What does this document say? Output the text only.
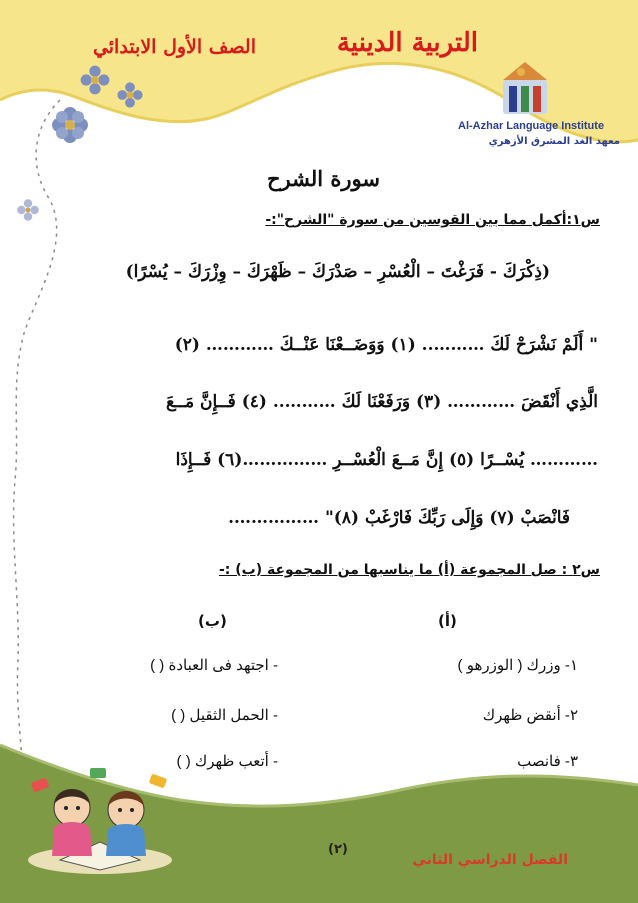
التربية الدينية
الصف الأول الابتدائي
Al-Azhar Language Institute
معهد الغد المشرق الأزهري
سورة الشرح
س١:أكمل مما بين القوسين من سورة "الشرح":-
(ذِكْرَكَ - فَرَغْتَ – الْعُسْرِ – صَدْرَكَ – ظَهْرَكَ – وِزْرَكَ – يُسْرًا)
" أَلَمْ نَشْرَحْ لَكَ ……….. (١) وَوَضَــعْنَا عَنْــكَ ………… (٢)
الَّذِي أَنْقَضَ ………… (٣) وَرَفَعْنَا لَكَ ……….. (٤) فَــإِنَّ مَــعَ
………… يُسْــرًا (٥) إِنَّ مَــعَ الْعُسْــرِ ……………(٦) فَــإِذَا
فَانْصَبْ (٧) وَإِلَى رَبِّكَ فَارْغَبْ (٨)" …………….
س٢ : صل المجموعة (أ) ما يناسبها من المجموعة (ب) :-
(أ)
(ب)
١- وزرك ( الوزرهو )
٢- أنقض ظهرك
٣- فانصب
- اجتهد فى العبادة ( )
- الحمل الثقيل ( )
- أتعب ظهرك ( )
(٢)
الفصل الدراسي الثاني
